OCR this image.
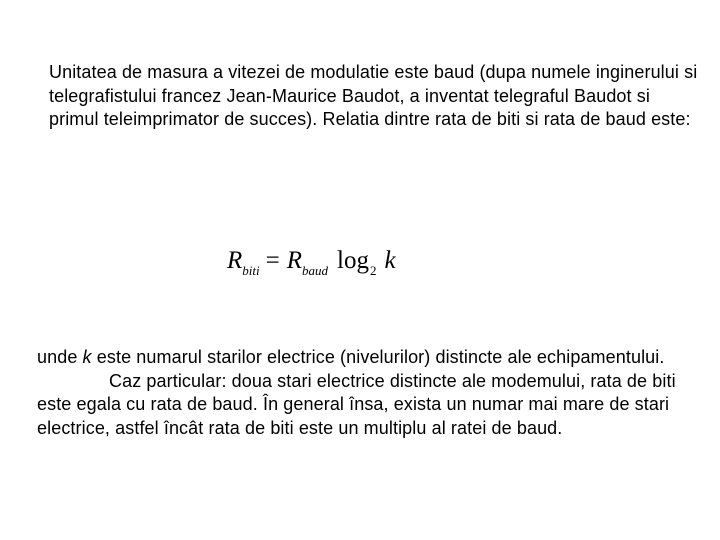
Unitatea de masura a vitezei de modulatie este baud (dupa numele inginerului si telegrafistului francez Jean-Maurice Baudot, a inventat telegraful Baudot si primul teleimprimator de succes). Relatia dintre rata de biti si rata de baud este:

$R_{biti} = R_{baud}$ $\log_2 k$
unde k este numarul starilor electrice (nivelurilor) distincte ale echipamentului.
Caz particular: doua stari electrice distincte ale modemului, rata de biti este egala cu rata de baud. În general însa, exista un numar mai mare de stari electrice, astfel încât rata de biti este un multiplu al ratei de baud.
